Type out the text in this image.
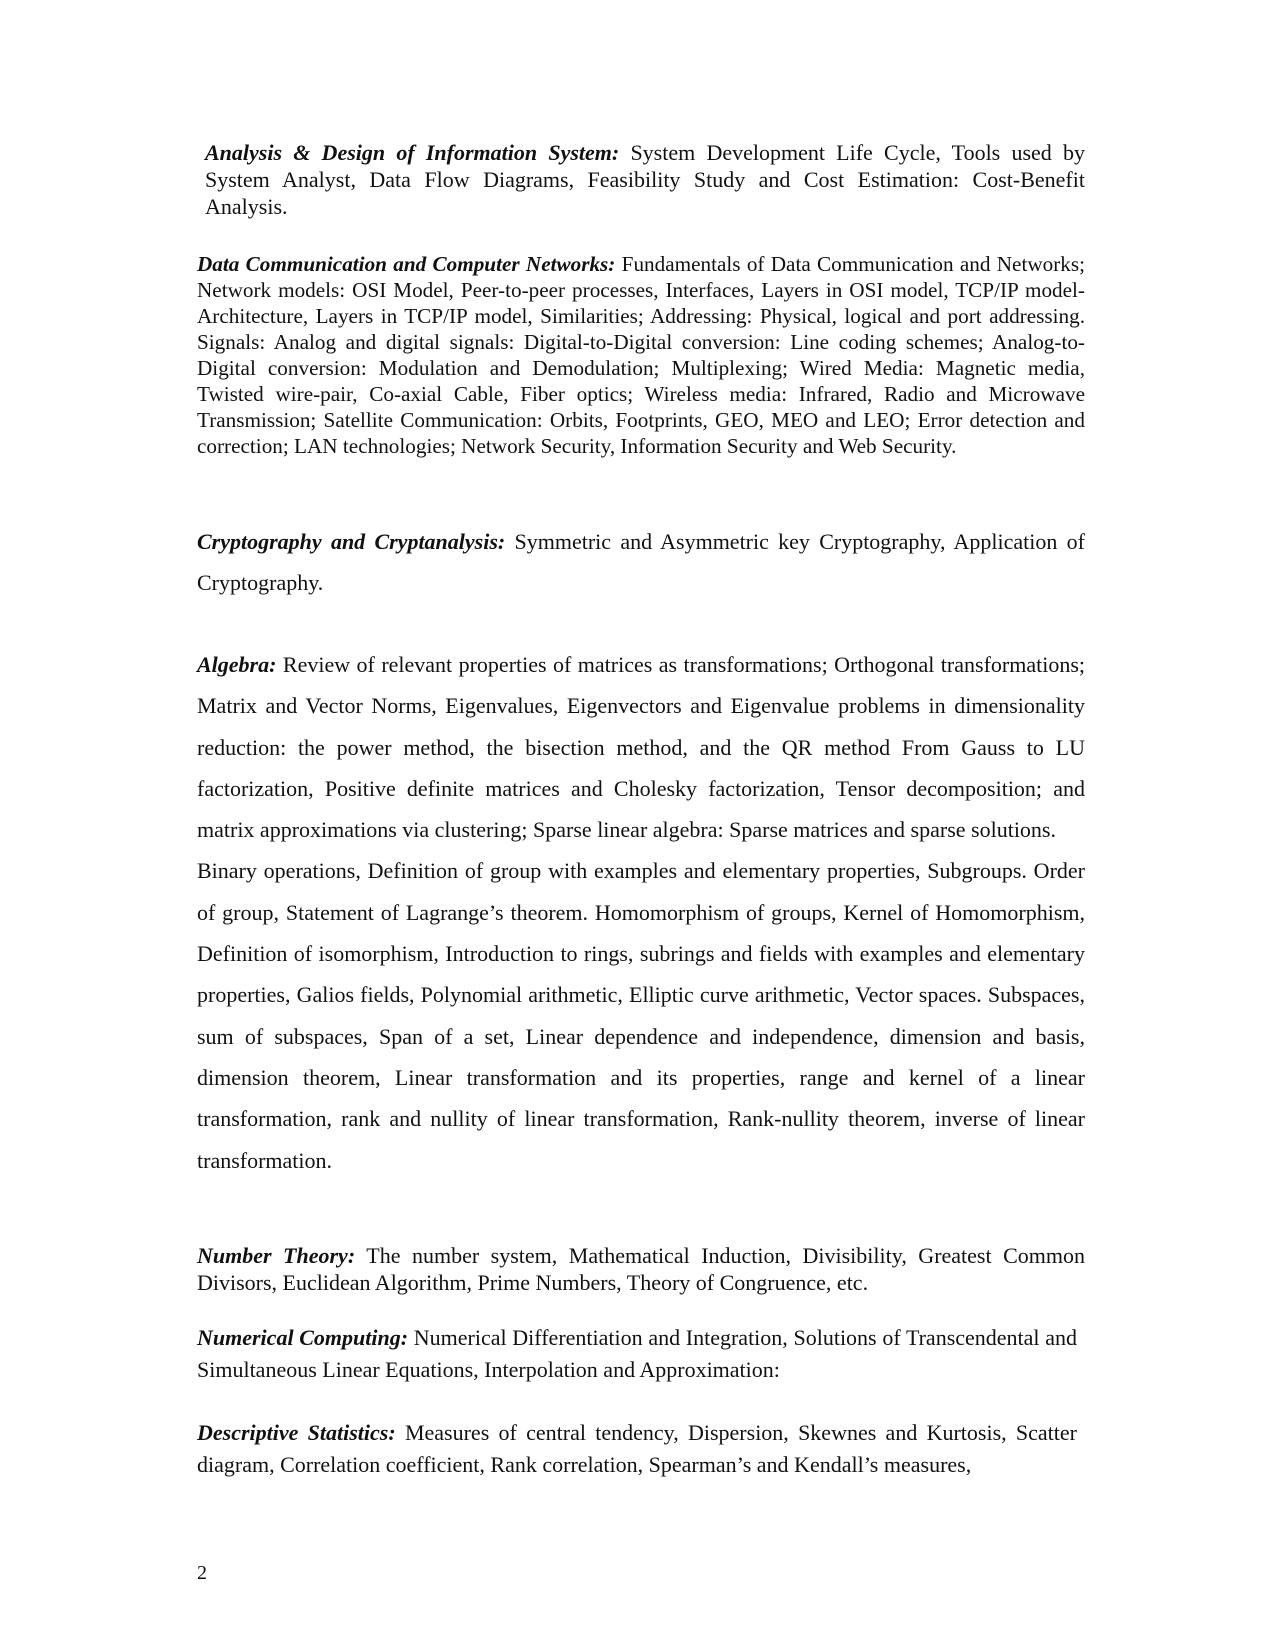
Analysis & Design of Information System: System Development Life Cycle, Tools used by System Analyst, Data Flow Diagrams, Feasibility Study and Cost Estimation: Cost-Benefit Analysis.

Data Communication and Computer Networks: Fundamentals of Data Communication and Networks; Network models: OSI Model, Peer-to-peer processes, Interfaces, Layers in OSI model, TCP/IP model-Architecture, Layers in TCP/IP model, Similarities; Addressing: Physical, logical and port addressing. Signals: Analog and digital signals: Digital-to-Digital conversion: Line coding schemes; Analog-to-Digital conversion: Modulation and Demodulation; Multiplexing; Wired Media: Magnetic media, Twisted wire-pair, Co-axial Cable, Fiber optics; Wireless media: Infrared, Radio and Microwave Transmission; Satellite Communication: Orbits, Footprints, GEO, MEO and LEO; Error detection and correction; LAN technologies; Network Security, Information Security and Web Security.

Cryptography and Cryptanalysis: Symmetric and Asymmetric key Cryptography, Application of Cryptography.

Algebra: Review of relevant properties of matrices as transformations; Orthogonal transformations; Matrix and Vector Norms, Eigenvalues, Eigenvectors and Eigenvalue problems in dimensionality reduction: the power method, the bisection method, and the QR method From Gauss to LU factorization, Positive definite matrices and Cholesky factorization, Tensor decomposition; and matrix approximations via clustering; Sparse linear algebra: Sparse matrices and sparse solutions.

Binary operations, Definition of group with examples and elementary properties, Subgroups. Order of group, Statement of Lagrange’s theorem. Homomorphism of groups, Kernel of Homomorphism, Definition of isomorphism, Introduction to rings, subrings and fields with examples and elementary properties, Galios fields, Polynomial arithmetic, Elliptic curve arithmetic, Vector spaces. Subspaces, sum of subspaces, Span of a set, Linear dependence and independence, dimension and basis, dimension theorem, Linear transformation and its properties, range and kernel of a linear transformation, rank and nullity of linear transformation, Rank-nullity theorem, inverse of linear transformation.

Number Theory: The number system, Mathematical Induction, Divisibility, Greatest Common Divisors, Euclidean Algorithm, Prime Numbers, Theory of Congruence, etc.

Numerical Computing: Numerical Differentiation and Integration, Solutions of Transcendental and Simultaneous Linear Equations, Interpolation and Approximation:

Descriptive Statistics: Measures of central tendency, Dispersion, Skewnes and Kurtosis, Scatter diagram, Correlation coefficient, Rank correlation, Spearman’s and Kendall’s measures,

2
